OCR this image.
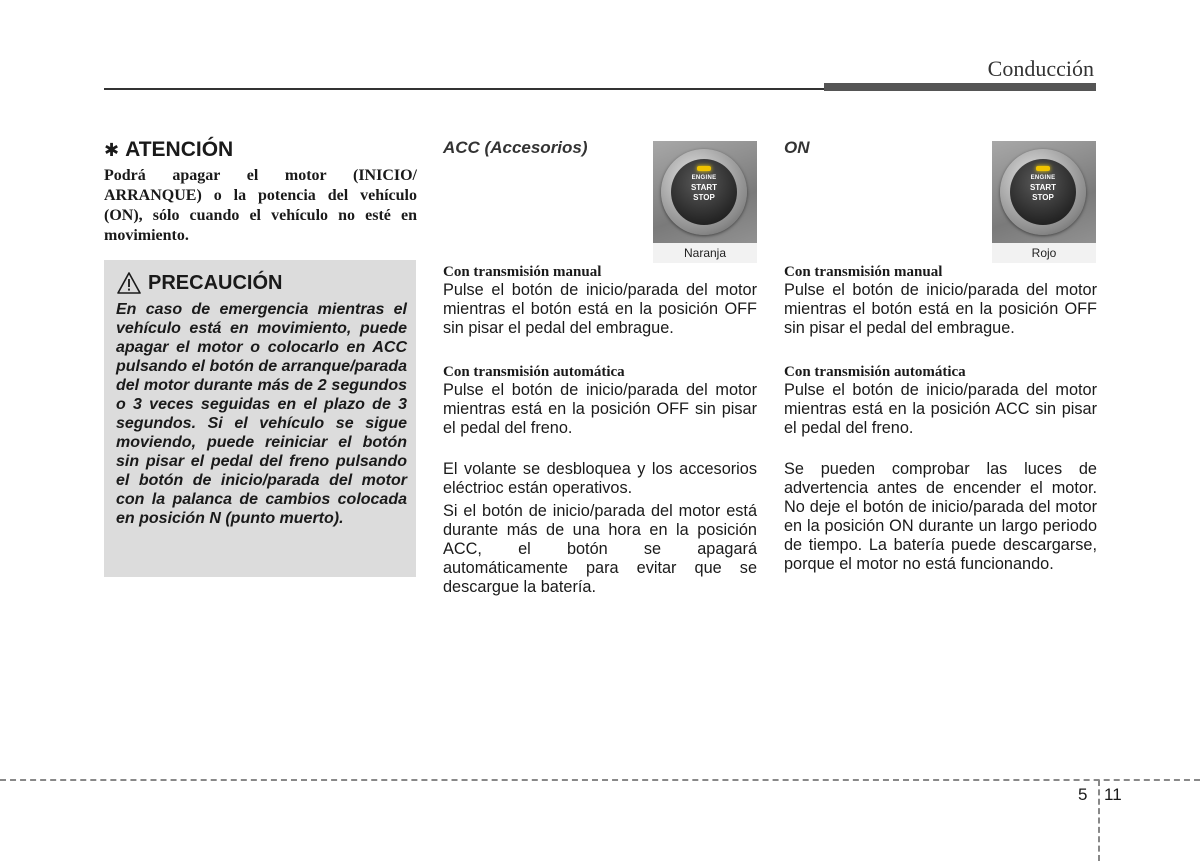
Conducción
✱ ATENCIÓN
Podrá apagar el motor (INICIO/ ARRANQUE) o la potencia del vehículo (ON), sólo cuando el vehículo no esté en movimiento.
PRECAUCIÓN
En caso de emergencia mientras el vehículo está en movimiento, puede apagar el motor o colocarlo en ACC pulsando el botón de arranque/parada del motor durante más de 2 segundos o 3 veces seguidas en el plazo de 3 segundos. Si el vehículo se sigue moviendo, puede reiniciar el botón sin pisar el pedal del freno pulsando el botón de inicio/parada del motor con la palanca de cambios colocada en posición N (punto muerto).
ACC (Accesorios)
ENGINE
START
STOP
Naranja

Con transmisión manual

Pulse el botón de inicio/parada del motor mientras el botón está en la posición OFF sin pisar el pedal del embrague.

Con transmisión automática

Pulse el botón de inicio/parada del motor mientras está en la posición OFF sin pisar el pedal del freno.

El volante se desbloquea y los accesorios eléctrioc están operativos.

Si el botón de inicio/parada del motor está durante más de una hora en la posición ACC, el botón se apagará automáticamente para evitar que se descargue la batería.

ON
ENGINE
START
STOP
Rojo

Con transmisión manual

Pulse el botón de inicio/parada del motor mientras el botón está en la posición OFF sin pisar el pedal del embrague.

Con transmisión automática

Pulse el botón de inicio/parada del motor mientras está en la posición ACC sin pisar el pedal del freno.

Se pueden comprobar las luces de advertencia antes de encender el motor. No deje el botón de inicio/parada del motor en la posición ON durante un largo periodo de tiempo. La batería puede descargarse, porque el motor no está funcionando.

5 11
